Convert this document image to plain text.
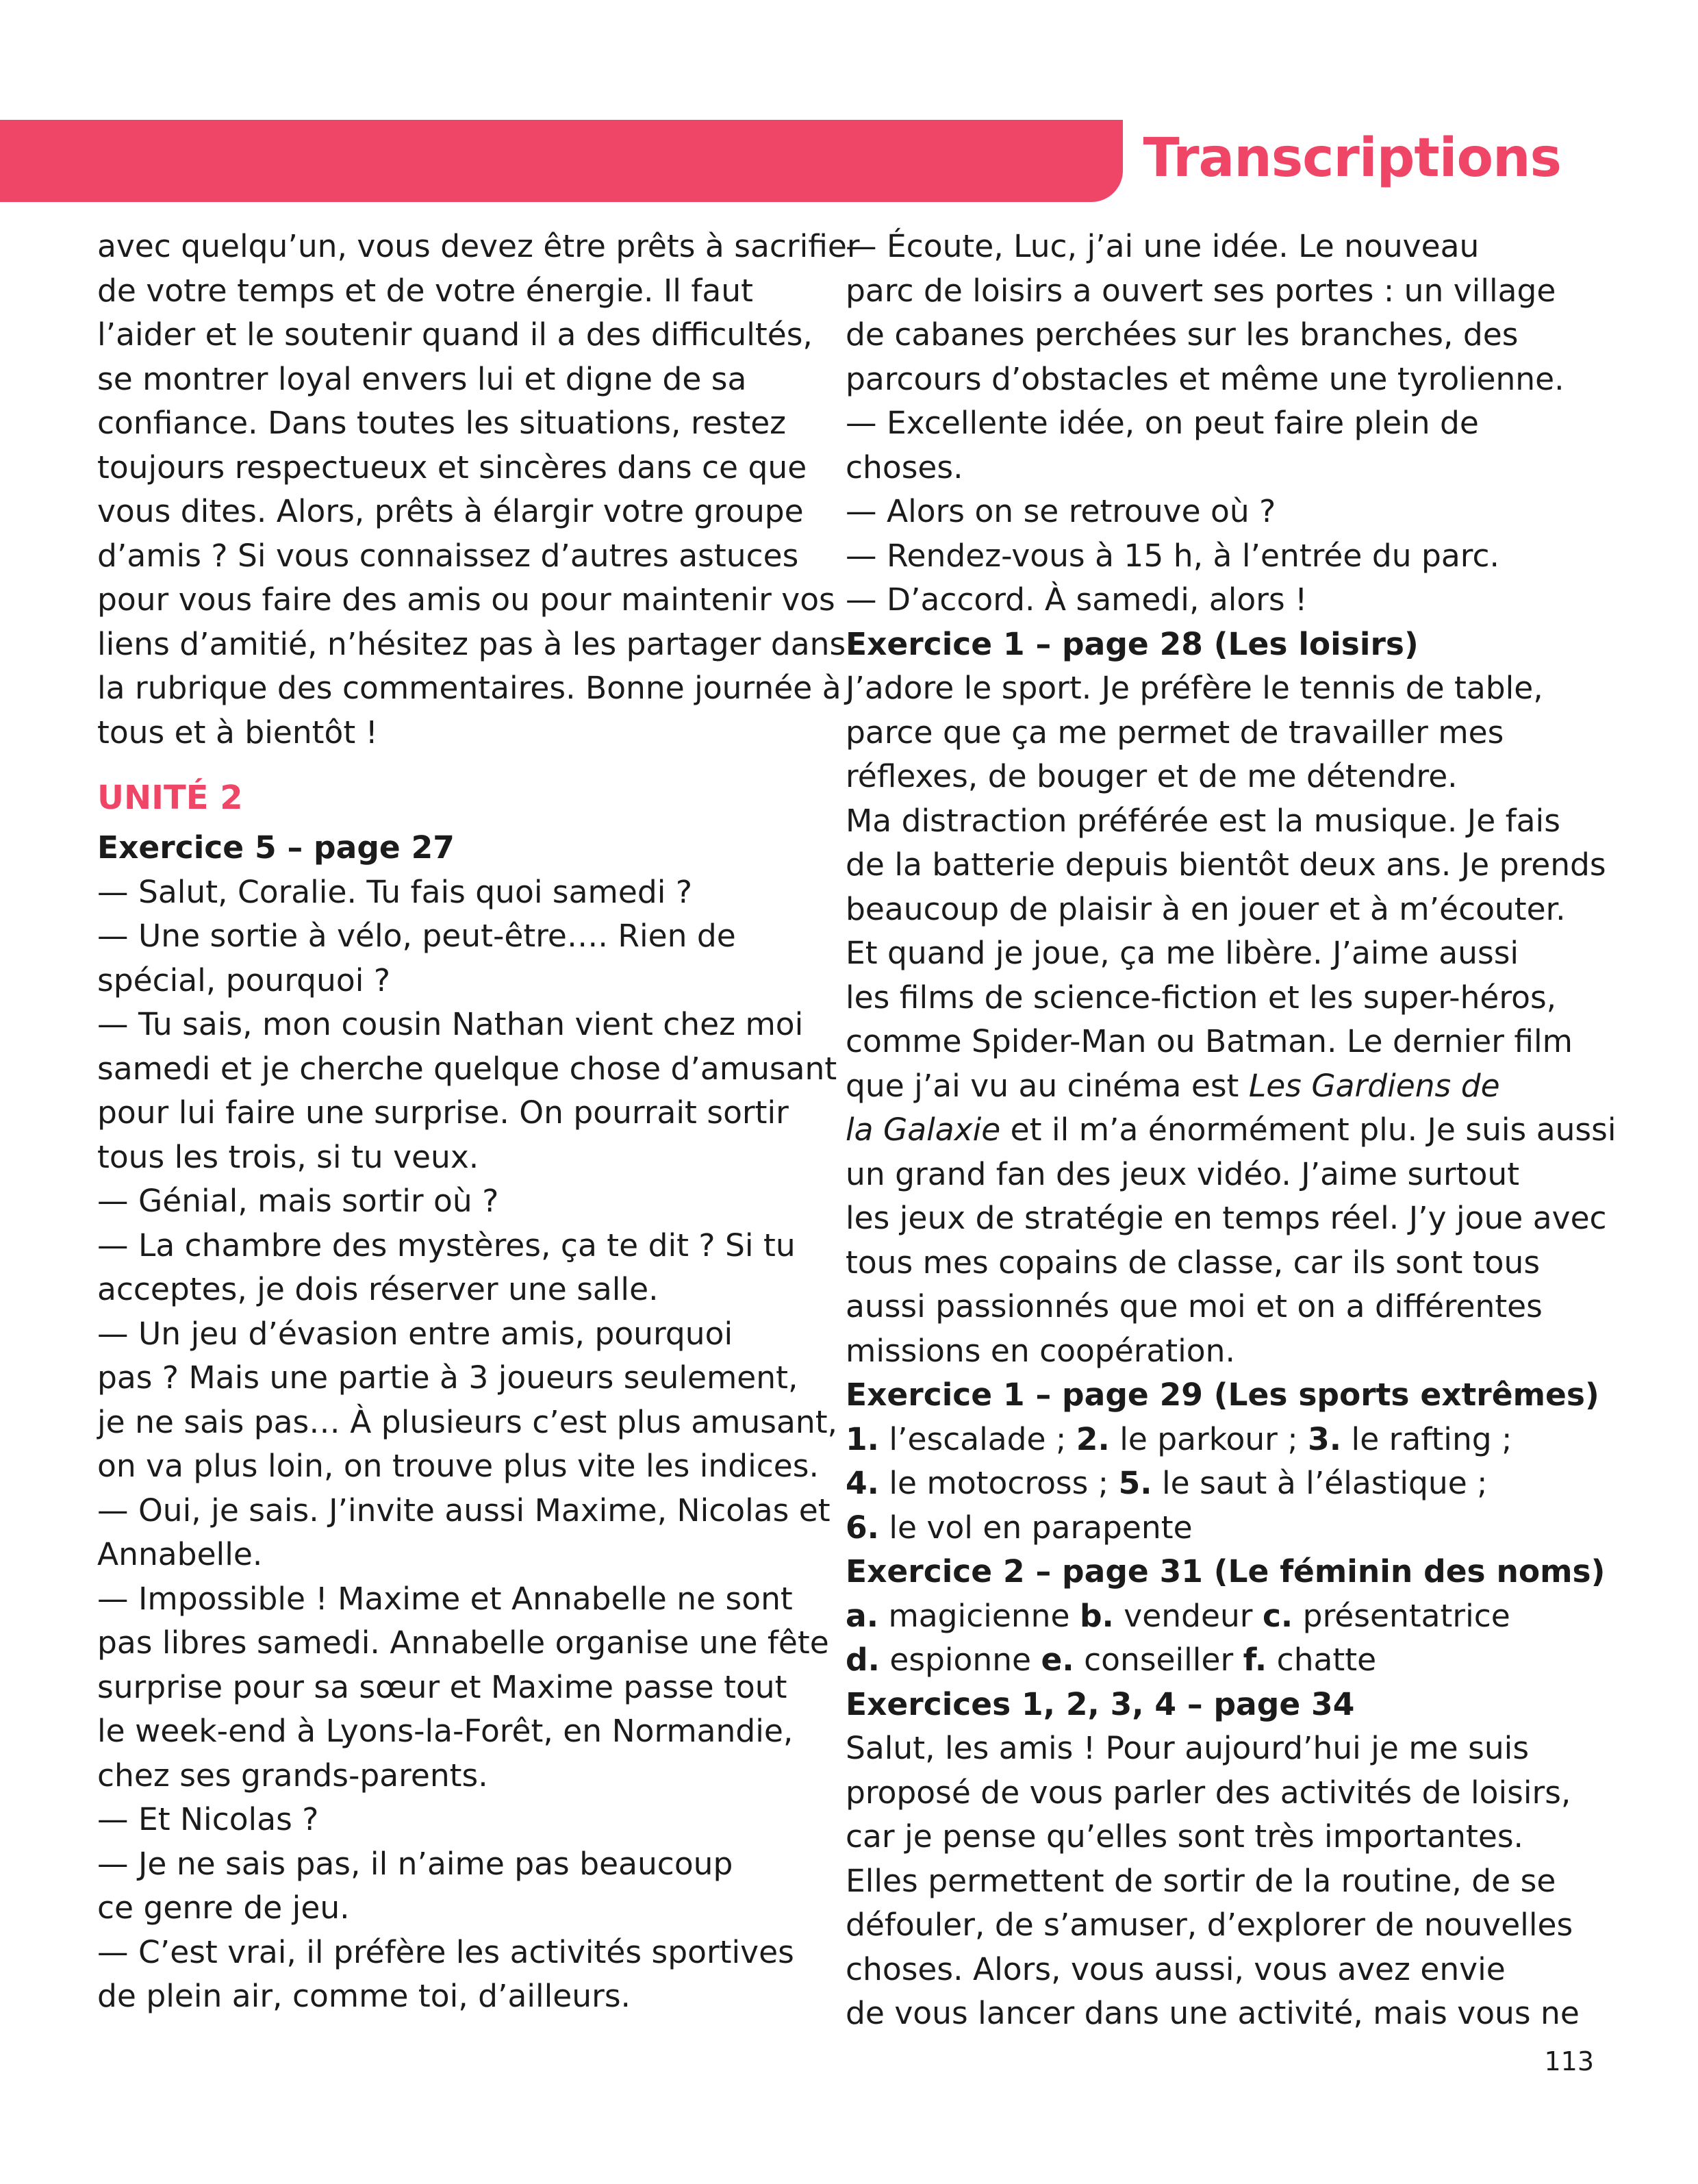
Transcriptions
avec quelqu’un, vous devez être prêts à sacrifier
de votre temps et de votre énergie. Il faut
l’aider et le soutenir quand il a des difficultés,
se montrer loyal envers lui et digne de sa
confiance. Dans toutes les situations, restez
toujours respectueux et sincères dans ce que
vous dites. Alors, prêts à élargir votre groupe
d’amis ? Si vous connaissez d’autres astuces
pour vous faire des amis ou pour maintenir vos
liens d’amitié, n’hésitez pas à les partager dans
la rubrique des commentaires. Bonne journée à
tous et à bientôt !
UNITÉ 2
Exercice 5 – page 27
— Salut, Coralie. Tu fais quoi samedi ?
— Une sortie à vélo, peut-être…. Rien de
spécial, pourquoi ?
— Tu sais, mon cousin Nathan vient chez moi
samedi et je cherche quelque chose d’amusant
pour lui faire une surprise. On pourrait sortir
tous les trois, si tu veux.
— Génial, mais sortir où ?
— La chambre des mystères, ça te dit ? Si tu
acceptes, je dois réserver une salle.
— Un jeu d’évasion entre amis, pourquoi
pas ? Mais une partie à 3 joueurs seulement,
je ne sais pas… À plusieurs c’est plus amusant,
on va plus loin, on trouve plus vite les indices.
— Oui, je sais. J’invite aussi Maxime, Nicolas et
Annabelle.
— Impossible ! Maxime et Annabelle ne sont
pas libres samedi. Annabelle organise une fête
surprise pour sa sœur et Maxime passe tout
le week-end à Lyons-la-Forêt, en Normandie,
chez ses grands-parents.
— Et Nicolas ?
— Je ne sais pas, il n’aime pas beaucoup
ce genre de jeu.
— C’est vrai, il préfère les activités sportives
de plein air, comme toi, d’ailleurs.
— Écoute, Luc, j’ai une idée. Le nouveau
parc de loisirs a ouvert ses portes : un village
de cabanes perchées sur les branches, des
parcours d’obstacles et même une tyrolienne.
— Excellente idée, on peut faire plein de
choses.
— Alors on se retrouve où ?
— Rendez-vous à 15 h, à l’entrée du parc.
— D’accord. À samedi, alors !
Exercice 1 – page 28 (Les loisirs)
J’adore le sport. Je préfère le tennis de table,
parce que ça me permet de travailler mes
réflexes, de bouger et de me détendre.
Ma distraction préférée est la musique. Je fais
de la batterie depuis bientôt deux ans. Je prends
beaucoup de plaisir à en jouer et à m’écouter.
Et quand je joue, ça me libère. J’aime aussi
les films de science-fiction et les super-héros,
comme Spider-Man ou Batman. Le dernier film
que j’ai vu au cinéma est Les Gardiens de
la Galaxie et il m’a énormément plu. Je suis aussi
un grand fan des jeux vidéo. J’aime surtout
les jeux de stratégie en temps réel. J’y joue avec
tous mes copains de classe, car ils sont tous
aussi passionnés que moi et on a différentes
missions en coopération.
Exercice 1 – page 29 (Les sports extrêmes)
1. l’escalade ; 2. le parkour ; 3. le rafting ;
4. le motocross ; 5. le saut à l’élastique ;
6. le vol en parapente
Exercice 2 – page 31 (Le féminin des noms)
a. magicienne b. vendeur c. présentatrice
d. espionne e. conseiller f. chatte
Exercices 1, 2, 3, 4 – page 34
Salut, les amis ! Pour aujourd’hui je me suis
proposé de vous parler des activités de loisirs,
car je pense qu’elles sont très importantes.
Elles permettent de sortir de la routine, de se
défouler, de s’amuser, d’explorer de nouvelles
choses. Alors, vous aussi, vous avez envie
de vous lancer dans une activité, mais vous ne
113
